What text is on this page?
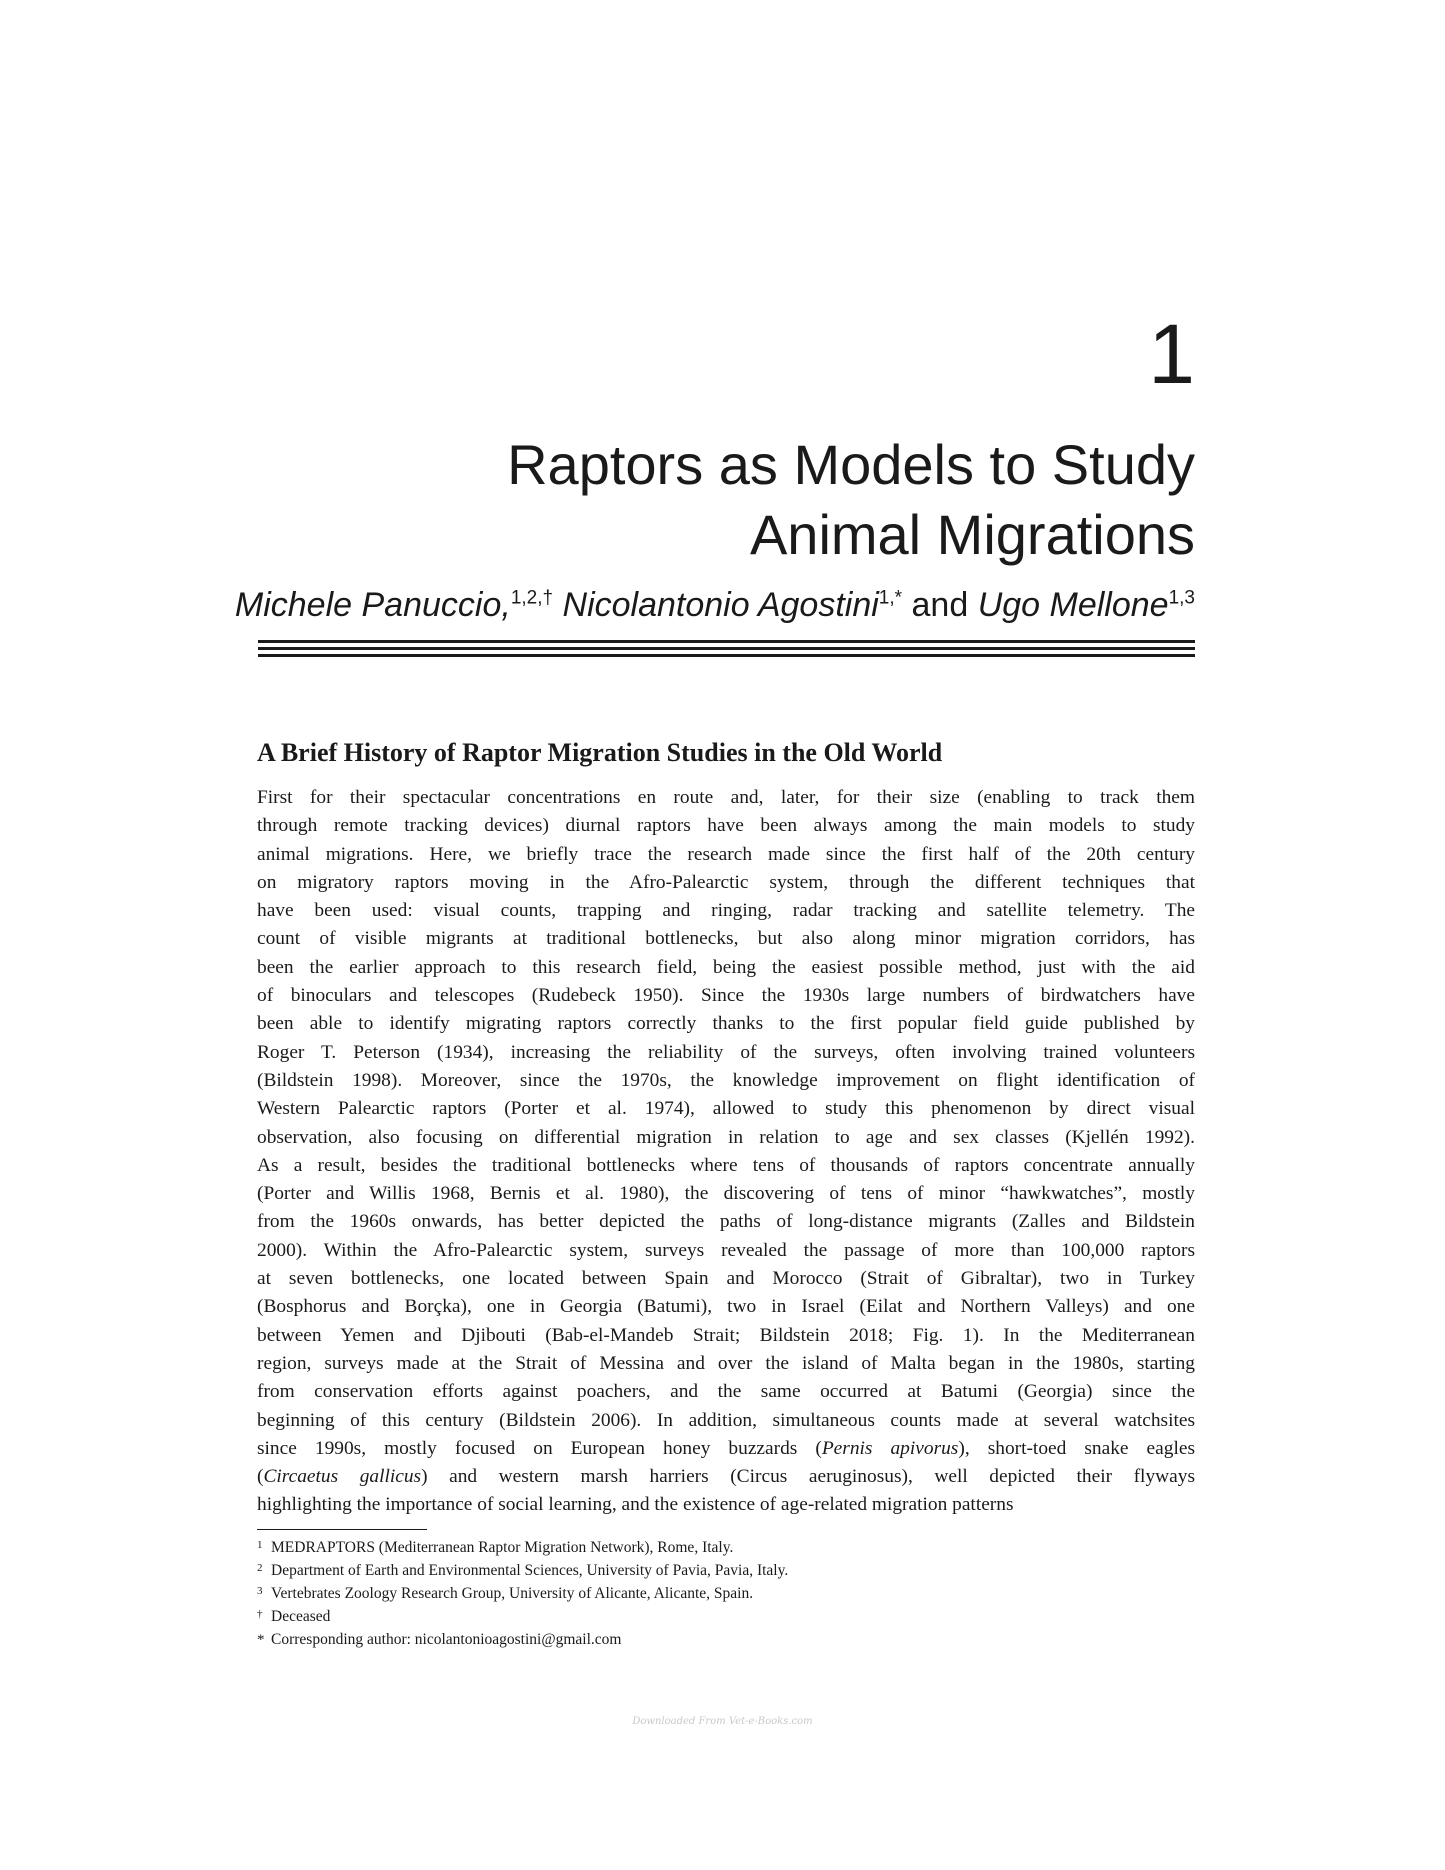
1
Raptors as Models to Study
Animal Migrations
Michele Panuccio,$^{1,2,\dagger}$ Nicolantonio Agostini$^{1,*}$ and Ugo Mellone$^{1,3}$
A Brief History of Raptor Migration Studies in the Old World
First for their spectacular concentrations en route and, later, for their size (enabling to track them
through remote tracking devices) diurnal raptors have been always among the main models to study
animal migrations. Here, we briefly trace the research made since the first half of the 20th century
on migratory raptors moving in the Afro-Palearctic system, through the different techniques that
have been used: visual counts, trapping and ringing, radar tracking and satellite telemetry. The
count of visible migrants at traditional bottlenecks, but also along minor migration corridors, has
been the earlier approach to this research field, being the easiest possible method, just with the aid
of binoculars and telescopes (Rudebeck 1950). Since the 1930s large numbers of birdwatchers have
been able to identify migrating raptors correctly thanks to the first popular field guide published by
Roger T. Peterson (1934), increasing the reliability of the surveys, often involving trained volunteers
(Bildstein 1998). Moreover, since the 1970s, the knowledge improvement on flight identification of
Western Palearctic raptors (Porter et al. 1974), allowed to study this phenomenon by direct visual
observation, also focusing on differential migration in relation to age and sex classes (Kjellén 1992).
As a result, besides the traditional bottlenecks where tens of thousands of raptors concentrate annually
(Porter and Willis 1968, Bernis et al. 1980), the discovering of tens of minor “hawkwatches”, mostly
from the 1960s onwards, has better depicted the paths of long-distance migrants (Zalles and Bildstein
2000). Within the Afro-Palearctic system, surveys revealed the passage of more than 100,000 raptors
at seven bottlenecks, one located between Spain and Morocco (Strait of Gibraltar), two in Turkey
(Bosphorus and Borçka), one in Georgia (Batumi), two in Israel (Eilat and Northern Valleys) and one
between Yemen and Djibouti (Bab-el-Mandeb Strait; Bildstein 2018; Fig. 1). In the Mediterranean
region, surveys made at the Strait of Messina and over the island of Malta began in the 1980s, starting
from conservation efforts against poachers, and the same occurred at Batumi (Georgia) since the
beginning of this century (Bildstein 2006). In addition, simultaneous counts made at several watchsites
since 1990s, mostly focused on European honey buzzards (Pernis apivorus), short-toed snake eagles
(Circaetus gallicus) and western marsh harriers (Circus aeruginosus), well depicted their flyways
highlighting the importance of social learning, and the existence of age-related migration patterns
1 MEDRAPTORS (Mediterranean Raptor Migration Network), Rome, Italy.
2 Department of Earth and Environmental Sciences, University of Pavia, Pavia, Italy.
3 Vertebrates Zoology Research Group, University of Alicante, Alicante, Spain.
† Deceased
* Corresponding author: nicolantonioagostini@gmail.com
Downloaded From Vet-e-Books.com
